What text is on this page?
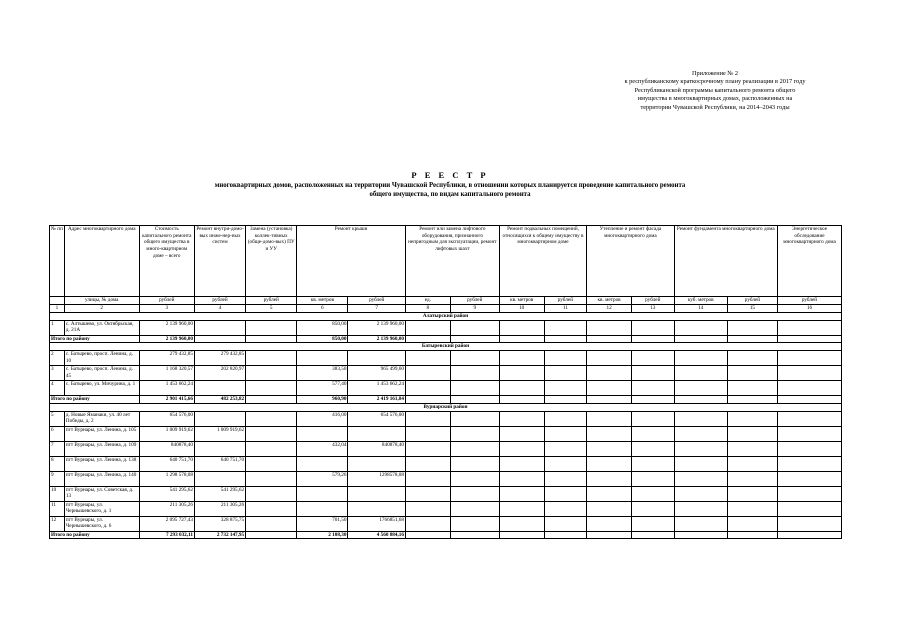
Приложение № 2
к республиканскому краткосрочному плану реализации в 2017 году
Республиканской программы капитального ремонта общего
имущества в многоквартирных домах, расположенных на
территории Чувашской Республики, на 2014–2043 годы
Р Е Е С Т Р
многоквартирных домов, расположенных на территории Чувашской Республики, в отношении которых планируется проведение капитального ремонта
общего имущества, по видам капитального ремонта
№ пп	Адрес многоквартирного дома	Стоимость капитального ремонта общего имущества в много-квартирном доме – всего	Ремонт внутри-домо-вых инже-нер-ных систем	Замена (установка) коллек-тивных (обще-домо-вых) ПУ и УУ	Ремонт крыши		Ремонт или замена лифтового оборудования, признанного непригодным для эксплуатации, ремонт лифтовых шахт		Ремонт подвальных помещений, относящихся к общему имуществу в многоквартирном доме		Утепление и ремонт фасада многоквартирного дома		Ремонт фундамента многоквартирного дома		Энергетическое обследование многоквартирного дома
	улицы, № дома	рублей	рублей	рублей	кв. метров	рублей	ед.	рублей	кв. метров	рублей	кв. метров	рублей	куб. метров	рублей	рублей
1	2	3	4	5	6	7	8	9	10	11	12	13	14	15	16
Алатырский район															
1	с. Алтышево, ул. Октябрьская, д. 21А	2 139 960,00			850,00	2 139 960,00									
Итого по району		2 139 960,00			850,00	2 139 960,00									
Батыревский район															
2	с. Батырево, просп. Ленина, д. 10	279 432,85	279 432,85												
3	с. Батырево, просп. Ленина, д. 45	1 168 320,57	202 820,97		383,50	965 499,60									
4	с. Батырево, ул. Мичурина, д. 1	1 453 662,24			577,40	1 453 662,24									
Итого по району		2 901 415,66	482 253,82		960,90	2 419 161,84									
Вурнарский район															
5	д. Новые Яманаки, ул. 40 лет Победы, д. 2	654 576,00			416,00	654 576,00									
6	пгт Вурнары, ул. Ленина, д. 105	1 009 919,62	1 009 919,62												
7	пгт Вурнары, ул. Ленина, д. 109	840878,40			432,04	840878,40									
8	пгт Вурнары, ул. Ленина, д. 138	640 751,70	640 751,70												
9	пгт Вурнары, ул. Ленина, д. 140	1 298 578,08			579,26	1298578,08									
10	пгт Вурнары, ул. Советская, д. 13	541 295,62	541 295,62												
11	пгт Вурнары, ул. Чернышевского, д. 1	211 305,26	211 305,26												
12	пгт Вурнары, ул. Чернышевского, д. 6	2 095 727,43	328 875,75		701,50	1766851,68									
Итого по району		7 293 032,11	2 732 147,95		2 108,30	4 560 884,16									
